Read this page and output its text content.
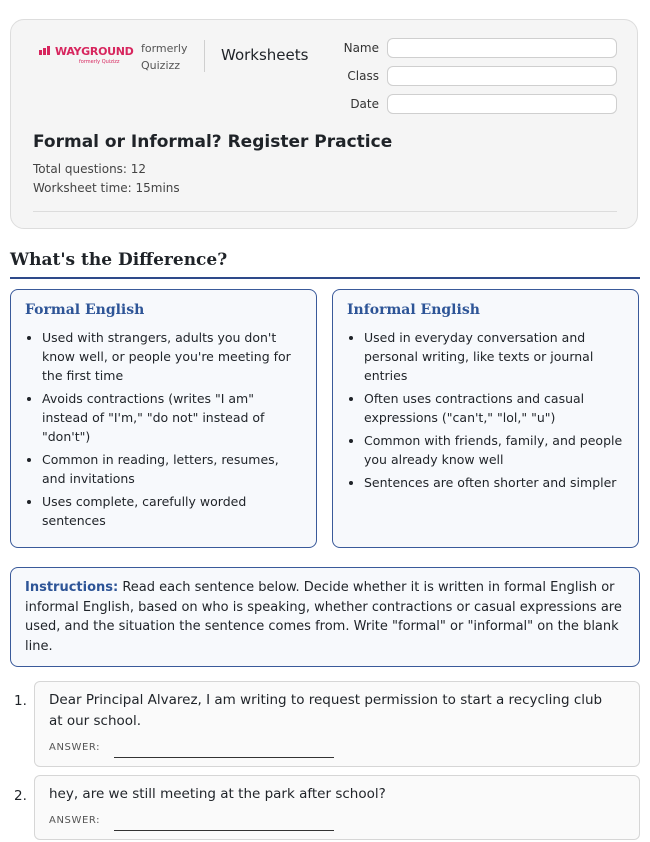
WAYGROUND
formerly Quizizz
formerly
Quizizz
Worksheets	Name
Class
Date
Formal or Informal? Register Practice
Total questions: 12
Worksheet time: 15mins
What's the Difference?
Formal English
• Used with strangers, adults you don't know well, or people you're meeting for the first time
• Avoids contractions (writes "I am" instead of "I'm," "do not" instead of "don't")
• Common in reading, letters, resumes, and invitations
• Uses complete, carefully worded sentences
Informal English
• Used in everyday conversation and personal writing, like texts or journal entries
• Often uses contractions and casual expressions ("can't," "lol," "u")
• Common with friends, family, and people you already know well
• Sentences are often shorter and simpler
Instructions: Read each sentence below. Decide whether it is written in formal English or informal English, based on who is speaking, whether contractions or casual expressions are used, and the situation the sentence comes from. Write "formal" or "informal" on the blank line.
1. Dear Principal Alvarez, I am writing to request permission to start a recycling club at our school.
ANSWER:
2. hey, are we still meeting at the park after school?
ANSWER:
